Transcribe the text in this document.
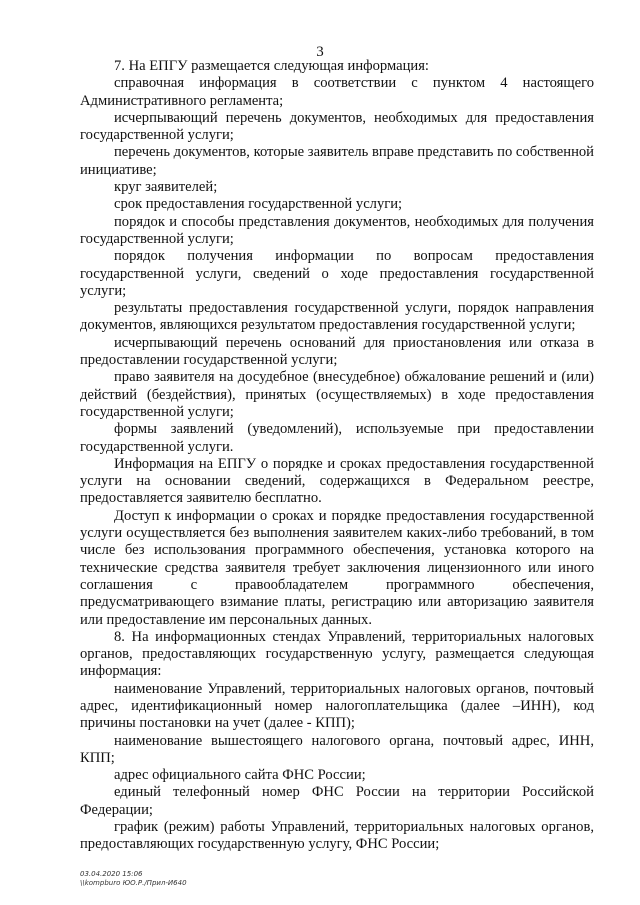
3

7. На ЕПГУ размещается следующая информация:

справочная информация в соответствии с пунктом 4 настоящего Административного регламента;

исчерпывающий перечень документов, необходимых для предоставления государственной услуги;

перечень документов, которые заявитель вправе представить по собственной инициативе;

круг заявителей;

срок предоставления государственной услуги;

порядок и способы представления документов, необходимых для получения государственной услуги;

порядок получения информации по вопросам предоставления государственной услуги, сведений о ходе предоставления государственной услуги;

результаты предоставления государственной услуги, порядок направления документов, являющихся результатом предоставления государственной услуги;

исчерпывающий перечень оснований для приостановления или отказа в предоставлении государственной услуги;

право заявителя на досудебное (внесудебное) обжалование решений и (или) действий (бездействия), принятых (осуществляемых) в ходе предоставления государственной услуги;

формы заявлений (уведомлений), используемые при предоставлении государственной услуги.

Информация на ЕПГУ о порядке и сроках предоставления государственной услуги на основании сведений, содержащихся в Федеральном реестре, предоставляется заявителю бесплатно.

Доступ к информации о сроках и порядке предоставления государственной услуги осуществляется без выполнения заявителем каких-либо требований, в том числе без использования программного обеспечения, установка которого на технические средства заявителя требует заключения лицензионного или иного соглашения с правообладателем программного обеспечения, предусматривающего взимание платы, регистрацию или авторизацию заявителя или предоставление им персональных данных.

8. На информационных стендах Управлений, территориальных налоговых органов, предоставляющих государственную услугу, размещается следующая информация:

наименование Управлений, территориальных налоговых органов, почтовый адрес, идентификационный номер налогоплательщика (далее –ИНН), код причины постановки на учет (далее - КПП);

наименование вышестоящего налогового органа, почтовый адрес, ИНН, КПП;

адрес официального сайта ФНС России;

единый телефонный номер ФНС России на территории Российской Федерации;

график (режим) работы Управлений, территориальных налоговых органов, предоставляющих государственную услугу, ФНС России;

03.04.2020 15:06
\\kompburo ЮО.Р./Прил-И640
